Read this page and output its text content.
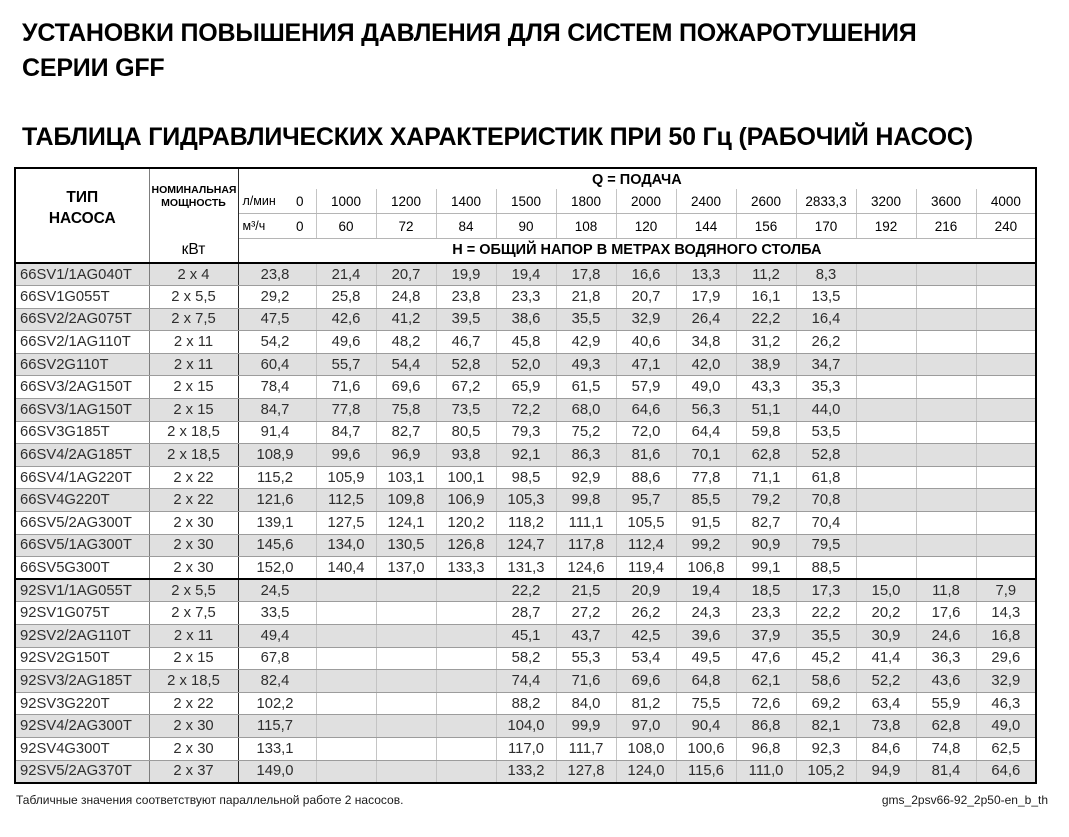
УСТАНОВКИ ПОВЫШЕНИЯ ДАВЛЕНИЯ ДЛЯ СИСТЕМ ПОЖАРОТУШЕНИЯ
СЕРИИ GFF
ТАБЛИЦА ГИДРАВЛИЧЕСКИХ ХАРАКТЕРИСТИК ПРИ 50 Гц (РАБОЧИЙ НАСОС)
ТИП
НАСОСА	НОМИНАЛЬНАЯ МОЩНОСТЬ
кВт	Q = ПОДАЧА												

		л/мин 0	1000	1200	1400	1500	1800	2000	2400	2600	2833,3	3200	3600	4000

		м³/ч 0	60	72	84	90	108	120	144	156	170	192	216	240
		Н = ОБЩИЙ НАПОР В МЕТРАХ ВОДЯНОГО СТОЛБА												
66SV1/1AG040T	2 x 4	23,8	21,4	20,7	19,9	19,4	17,8	16,6	13,3	11,2	8,3			
66SV1G055T	2 x 5,5	29,2	25,8	24,8	23,8	23,3	21,8	20,7	17,9	16,1	13,5			
66SV2/2AG075T	2 x 7,5	47,5	42,6	41,2	39,5	38,6	35,5	32,9	26,4	22,2	16,4			
66SV2/1AG110T	2 x 11	54,2	49,6	48,2	46,7	45,8	42,9	40,6	34,8	31,2	26,2			
66SV2G110T	2 x 11	60,4	55,7	54,4	52,8	52,0	49,3	47,1	42,0	38,9	34,7			
66SV3/2AG150T	2 x 15	78,4	71,6	69,6	67,2	65,9	61,5	57,9	49,0	43,3	35,3			
66SV3/1AG150T	2 x 15	84,7	77,8	75,8	73,5	72,2	68,0	64,6	56,3	51,1	44,0			
66SV3G185T	2 x 18,5	91,4	84,7	82,7	80,5	79,3	75,2	72,0	64,4	59,8	53,5			
66SV4/2AG185T	2 x 18,5	108,9	99,6	96,9	93,8	92,1	86,3	81,6	70,1	62,8	52,8			
66SV4/1AG220T	2 x 22	115,2	105,9	103,1	100,1	98,5	92,9	88,6	77,8	71,1	61,8			
66SV4G220T	2 x 22	121,6	112,5	109,8	106,9	105,3	99,8	95,7	85,5	79,2	70,8			
66SV5/2AG300T	2 x 30	139,1	127,5	124,1	120,2	118,2	111,1	105,5	91,5	82,7	70,4			
66SV5/1AG300T	2 x 30	145,6	134,0	130,5	126,8	124,7	117,8	112,4	99,2	90,9	79,5			
66SV5G300T	2 x 30	152,0	140,4	137,0	133,3	131,3	124,6	119,4	106,8	99,1	88,5			
92SV1/1AG055T	2 x 5,5	24,5				22,2	21,5	20,9	19,4	18,5	17,3	15,0	11,8	7,9
92SV1G075T	2 x 7,5	33,5				28,7	27,2	26,2	24,3	23,3	22,2	20,2	17,6	14,3
92SV2/2AG110T	2 x 11	49,4				45,1	43,7	42,5	39,6	37,9	35,5	30,9	24,6	16,8
92SV2G150T	2 x 15	67,8				58,2	55,3	53,4	49,5	47,6	45,2	41,4	36,3	29,6
92SV3/2AG185T	2 x 18,5	82,4				74,4	71,6	69,6	64,8	62,1	58,6	52,2	43,6	32,9
92SV3G220T	2 x 22	102,2				88,2	84,0	81,2	75,5	72,6	69,2	63,4	55,9	46,3
92SV4/2AG300T	2 x 30	115,7				104,0	99,9	97,0	90,4	86,8	82,1	73,8	62,8	49,0
92SV4G300T	2 x 30	133,1				117,0	111,7	108,0	100,6	96,8	92,3	84,6	74,8	62,5
92SV5/2AG370T	2 x 37	149,0				133,2	127,8	124,0	115,6	111,0	105,2	94,9	81,4	64,6
Табличные значения соответствуют параллельной работе 2 насосов.	gms_2psv66-92_2p50-en_b_th
